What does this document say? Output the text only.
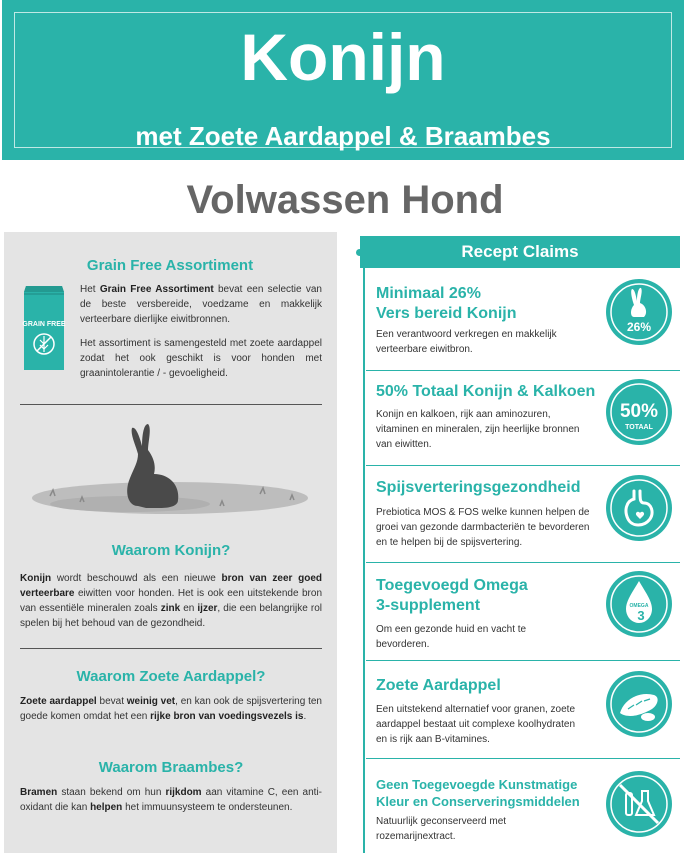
Konijn
met Zoete Aardappel & Braambes
Volwassen Hond
Grain Free Assortiment
GRAIN FREE
Het Grain Free Assortiment bevat een selectie van de beste versbereide, voedzame en makkelijk verteerbare dierlijke eiwitbronnen.
Het assortiment is samengesteld met zoete aardappel zodat het ook geschikt is voor honden met graanintolerantie / - gevoeligheid.
Waarom Konijn?
Konijn wordt beschouwd als een nieuwe bron van zeer goed verteerbare eiwitten voor honden. Het is ook een uitstekende bron van essentiële mineralen zoals zink en ijzer, die een belangrijke rol spelen bij het behoud van de gezondheid.
Waarom Zoete Aardappel?
Zoete aardappel bevat weinig vet, en kan ook de spijsvertering ten goede komen omdat het een rijke bron van voedingsvezels is.
Waarom Braambes?
Bramen staan bekend om hun rijkdom aan vitamine C, een anti-oxidant die kan helpen het immuunsysteem te ondersteunen.
Recept Claims
Minimaal 26%
Vers bereid Konijn
Een verantwoord verkregen en makkelijk verteerbare eiwitbron.
26%
50% Totaal Konijn & Kalkoen
Konijn en kalkoen, rijk aan aminozuren, vitaminen en mineralen, zijn heerlijke bronnen van eiwitten.
50%
TOTAAL
Spijsverteringsgezondheid
Prebiotica MOS & FOS welke kunnen helpen de groei van gezonde darmbacteriën te bevorderen en te helpen bij de spijsvertering.
Toegevoegd Omega
3-supplement
Om een gezonde huid en vacht te bevorderen.
OMEGA
3
Zoete Aardappel
Een uitstekend alternatief voor granen, zoete aardappel bestaat uit complexe koolhydraten en is rijk aan B-vitamines.
Geen Toegevoegde Kunstmatige
Kleur en Conserveringsmiddelen
Natuurlijk geconserveerd met rozemarijnextract.
